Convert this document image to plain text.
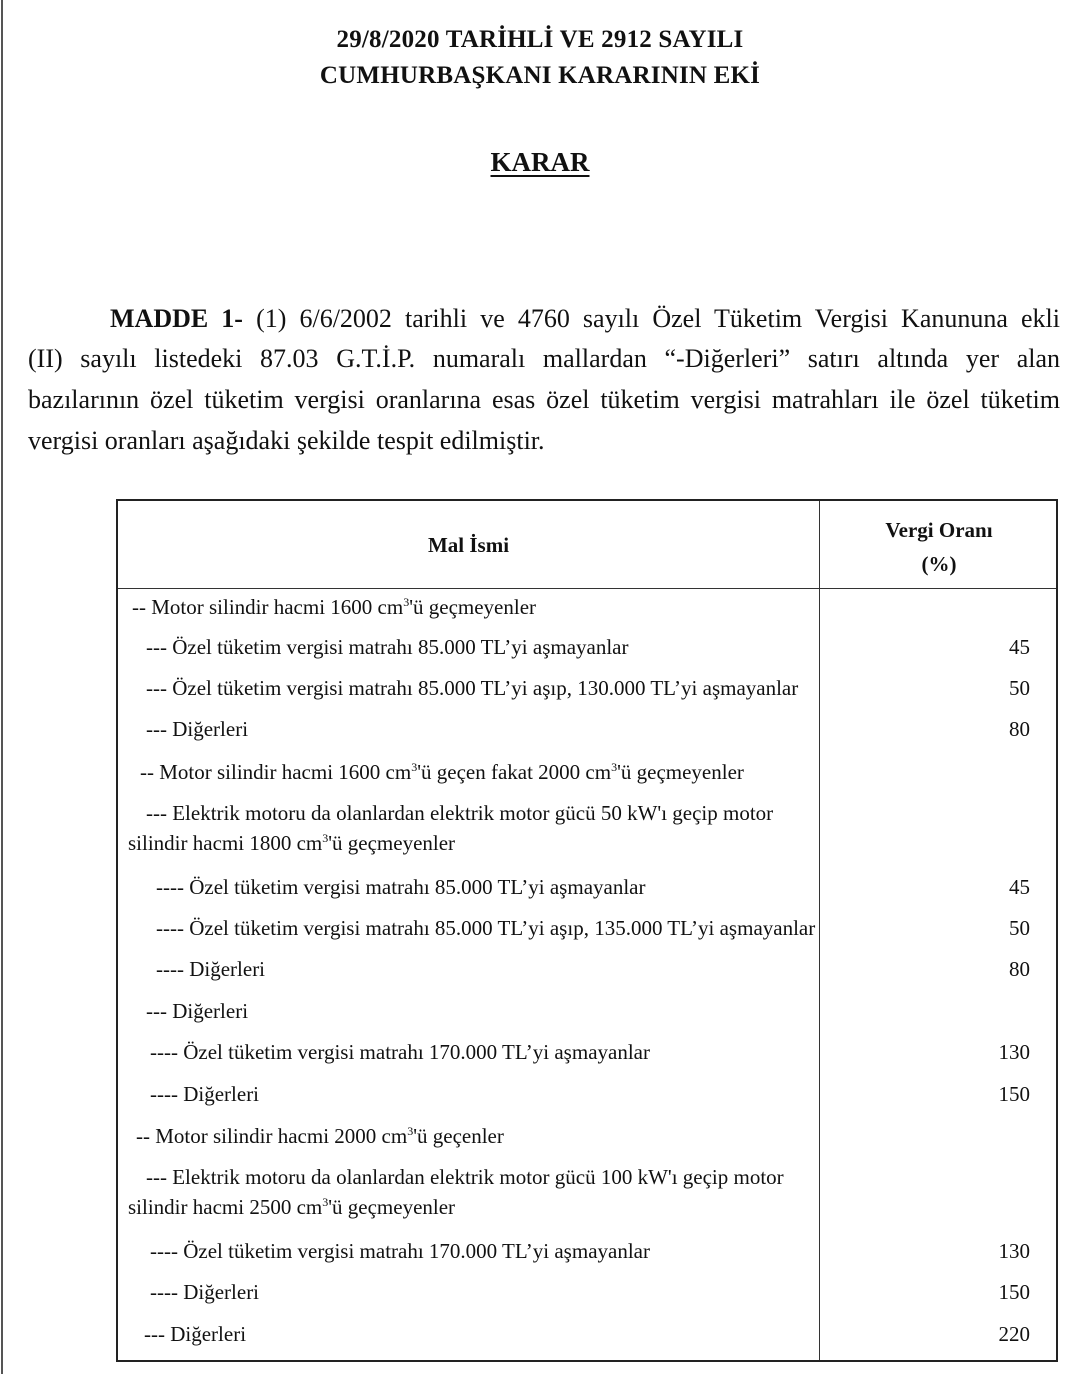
29/8/2020 TARİHLİ VE 2912 SAYILI
CUMHURBAŞKANI KARARININ EKİ
KARAR
MADDE 1- (1) 6/6/2002 tarihli ve 4760 sayılı Özel Tüketim Vergisi Kanununa ekli
(II) sayılı listedeki 87.03 G.T.İ.P. numaralı mallardan “-Diğerleri” satırı altında yer alan
bazılarının özel tüketim vergisi oranlarına esas özel tüketim vergisi matrahları ile özel tüketim
vergisi oranları aşağıdaki şekilde tespit edilmiştir.
Mal İsmi
Vergi Oranı
(%)
-- Motor silindir hacmi 1600 $cm^3'ü$ geçmeyenler
--- Özel tüketim vergisi matrahı 85.000 TL’yi aşmayanlar	45
--- Özel tüketim vergisi matrahı 85.000 TL’yi aşıp, 130.000 TL’yi aşmayanlar	50
--- Diğerleri	80
-- Motor silindir hacmi 1600 $cm^3'ü$ geçen fakat 2000 $cm^3'ü$ geçmeyenler
--- Elektrik motoru da olanlardan elektrik motor gücü 50 kW'ı geçip motor
silindir hacmi 1800 $cm^3'ü$ geçmeyenler
---- Özel tüketim vergisi matrahı 85.000 TL’yi aşmayanlar	45
---- Özel tüketim vergisi matrahı 85.000 TL’yi aşıp, 135.000 TL’yi aşmayanlar	50
---- Diğerleri	80
--- Diğerleri
---- Özel tüketim vergisi matrahı 170.000 TL’yi aşmayanlar	130
---- Diğerleri	150
-- Motor silindir hacmi 2000 $cm^3'ü$ geçenler
--- Elektrik motoru da olanlardan elektrik motor gücü 100 kW'ı geçip motor
silindir hacmi 2500 $cm^3'ü$ geçmeyenler
---- Özel tüketim vergisi matrahı 170.000 TL’yi aşmayanlar	130
---- Diğerleri	150
--- Diğerleri	220
